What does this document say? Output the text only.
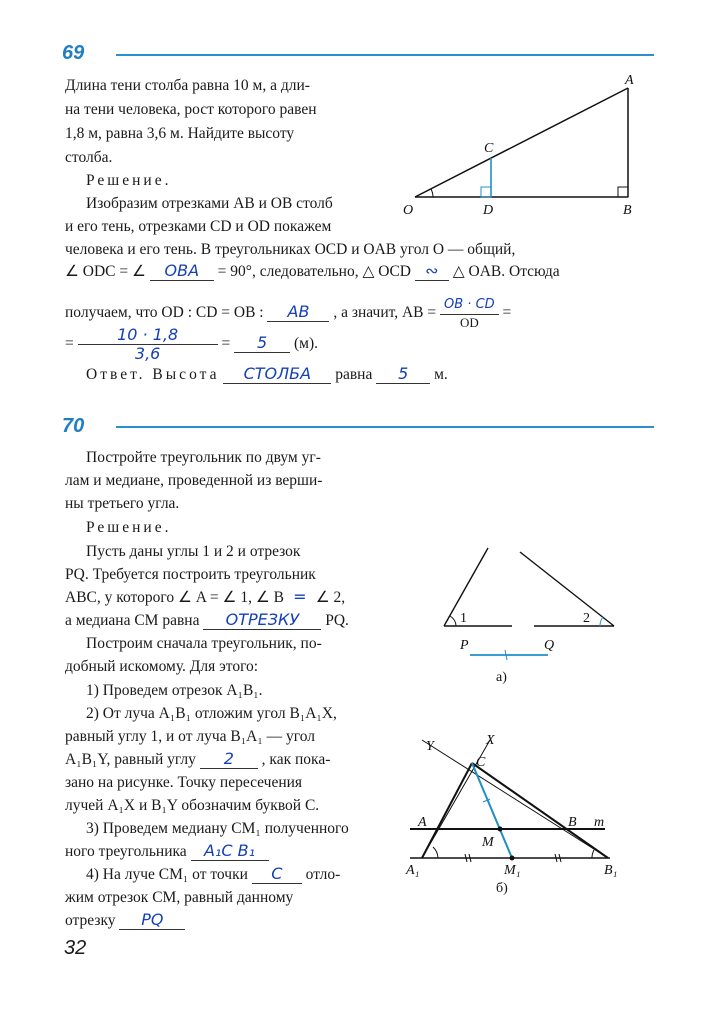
69
Длина тени столба равна 10 м, а дли-
на тени человека, рост которого равен
1,8 м, равна 3,6 м. Найдите высоту
столба.
Решение.
Изобразим отрезками AB и OB столб
и его тень, отрезками CD и OD покажем
человека и его тень. В треугольниках OCD и OAB угол O — общий,
∠ ODC = ∠ OBA = 90°, следовательно, △ OCD ∾ △ OAB. Отсюда
получаем, что OD : CD = OB : AB , а значит, AB = $\frac{OB \cdot CD}{OD}$ =
= $\frac{10 \cdot 1,8}{3,6} = 5$ (м).
Ответ. Высота СТОЛБА равна 5 м.
A
B
C
D
O
70
Постройте треугольник по двум уг-
лам и медиане, проведенной из верши-
ны третьего угла.
Решение.
Пусть даны углы 1 и 2 и отрезок
PQ. Требуется построить треугольник
ABC, у которого ∠ A = ∠ 1, ∠ B = ∠ 2,
а медиана CM равна ОТРЕЗКУ PQ.
Построим сначала треугольник, по-
добный искомому. Для этого:
1) Проведем отрезок A₁B₁.
2) От луча A₁B₁ отложим угол B₁A₁X,
равный углу 1, и от луча B₁A₁ — угол
A₁B₁Y, равный углу 2 , как пока-
зано на рисунке. Точку пересечения
лучей A₁X и B₁Y обозначим буквой C.
3) Проведем медиану CM₁ полученного
ного треугольника A₁C B₁
4) На луче CM₁ от точки C отло-
жим отрезок CM, равный данному
отрезку PQ
1	2
P	Q
а)
Y	X
C
A	B m
M
A₁	M₁	B₁
б)
32
